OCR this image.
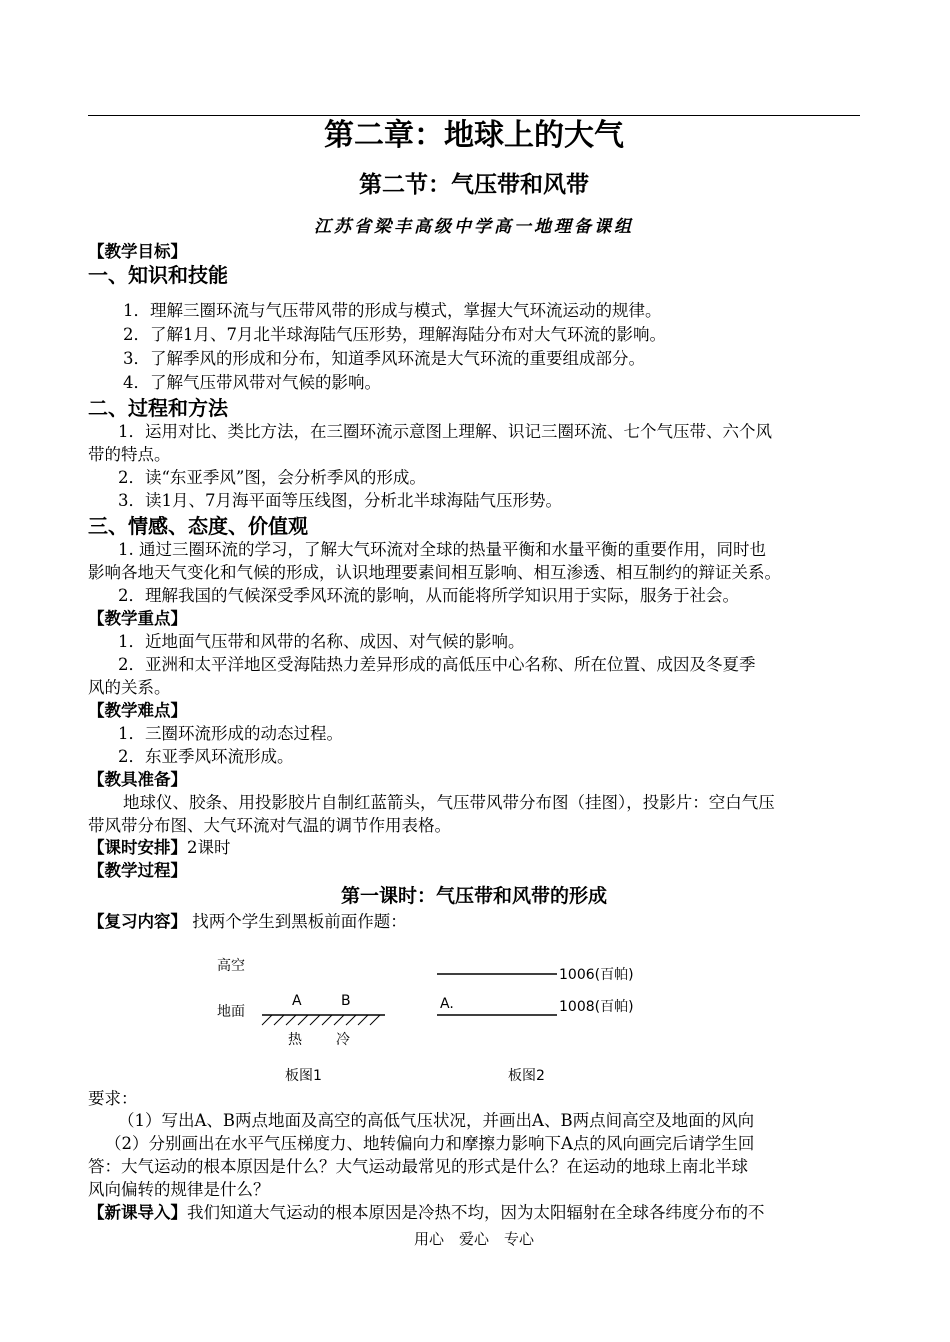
第二章：地球上的大气
第二节：气压带和风带
江苏省梁丰高级中学高一地理备课组
【教学目标】
一、知识和技能
1．理解三圈环流与气压带风带的形成与模式，掌握大气环流运动的规律。
2．了解1月、7月北半球海陆气压形势，理解海陆分布对大气环流的影响。
3．了解季风的形成和分布，知道季风环流是大气环流的重要组成部分。
4．了解气压带风带对气候的影响。
二、过程和方法
1．运用对比、类比方法，在三圈环流示意图上理解、识记三圈环流、七个气压带、六个风
带的特点。
2．读“东亚季风”图，会分析季风的形成。
3．读1月、7月海平面等压线图，分析北半球海陆气压形势。
三、情感、态度、价值观
1. 通过三圈环流的学习，了解大气环流对全球的热量平衡和水量平衡的重要作用，同时也
影响各地天气变化和气候的形成，认识地理要素间相互影响、相互渗透、相互制约的辩证关系。
2．理解我国的气候深受季风环流的影响，从而能将所学知识用于实际，服务于社会。
【教学重点】
1．近地面气压带和风带的名称、成因、对气候的影响。
2．亚洲和太平洋地区受海陆热力差异形成的高低压中心名称、所在位置、成因及冬夏季
风的关系。
【教学难点】
1．三圈环流形成的动态过程。
2．东亚季风环流形成。
【教具准备】
地球仪、胶条、用投影胶片自制红蓝箭头，气压带风带分布图（挂图），投影片：空白气压
带风带分布图、大气环流对气温的调节作用表格。
【课时安排】2课时
【教学过程】
第一课时：气压带和风带的形成
【复习内容】 找两个学生到黑板前面作题：
高空
地面
A	B
热 冷
板图1
1006(百帕)
A.	1008(百帕)
板图2
要求：
（1）写出A、B两点地面及高空的高低气压状况，并画出A、B两点间高空及地面的风向
（2）分别画出在水平气压梯度力、地转偏向力和摩擦力影响下A点的风向画完后请学生回
答：大气运动的根本原因是什么？大气运动最常见的形式是什么？在运动的地球上南北半球
风向偏转的规律是什么？
【新课导入】我们知道大气运动的根本原因是冷热不均，因为太阳辐射在全球各纬度分布的不
用心　爱心　专心
